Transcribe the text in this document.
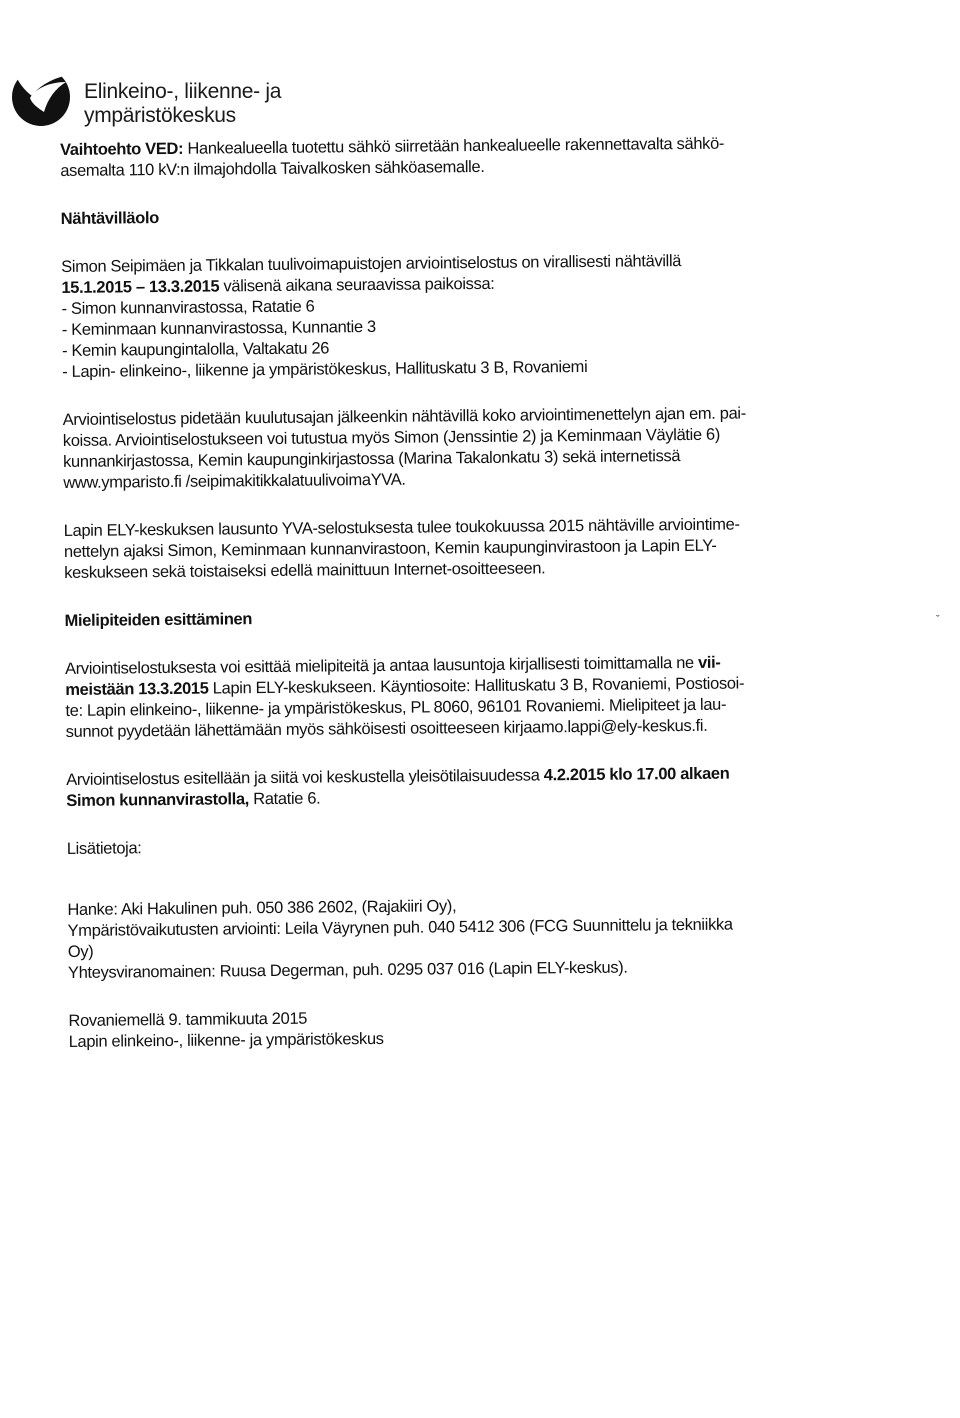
Elinkeino-, liikenne- ja
ympäristökeskus

Vaihtoehto VED: Hankealueella tuotettu sähkö siirretään hankealueelle rakennettavalta sähkö-
asemalta 110 kV:n ilmajohdolla Taivalkosken sähköasemalle.

Nähtävilläolo

Simon Seipimäen ja Tikkalan tuulivoimapuistojen arviointiselostus on virallisesti nähtävillä
15.1.2015 – 13.3.2015 välisenä aikana seuraavissa paikoissa:

- Simon kunnanvirastossa, Ratatie 6
- Keminmaan kunnanvirastossa, Kunnantie 3
- Kemin kaupungintalolla, Valtakatu 26
- Lapin- elinkeino-, liikenne ja ympäristökeskus, Hallituskatu 3 B, Rovaniemi

Arviointiselostus pidetään kuulutusajan jälkeenkin nähtävillä koko arviointimenettelyn ajan em. pai-
koissa. Arviointiselostukseen voi tutustua myös Simon (Jenssintie 2) ja Keminmaan Väylätie 6)
kunnankirjastossa, Kemin kaupunginkirjastossa (Marina Takalonkatu 3) sekä internetissä
www.ymparisto.fi /seipimakitikkalatuulivoimaYVA.

Lapin ELY-keskuksen lausunto YVA-selostuksesta tulee toukokuussa 2015 nähtäville arviointime-
nettelyn ajaksi Simon, Keminmaan kunnanvirastoon, Kemin kaupunginvirastoon ja Lapin ELY-
keskukseen sekä toistaiseksi edellä mainittuun Internet-osoitteeseen.

Mielipiteiden esittäminen

Arviointiselostuksesta voi esittää mielipiteitä ja antaa lausuntoja kirjallisesti toimittamalla ne vii-
meistään 13.3.2015 Lapin ELY-keskukseen. Käyntiosoite: Hallituskatu 3 B, Rovaniemi, Postiosoi-
te: Lapin elinkeino-, liikenne- ja ympäristökeskus, PL 8060, 96101 Rovaniemi. Mielipiteet ja lau-
sunnot pyydetään lähettämään myös sähköisesti osoitteeseen kirjaamo.lappi@ely-keskus.fi.

Arviointiselostus esitellään ja siitä voi keskustella yleisötilaisuudessa 4.2.2015 klo 17.00 alkaen
Simon kunnanvirastolla, Ratatie 6.

Lisätietoja:

Hanke: Aki Hakulinen puh. 050 386 2602, (Rajakiiri Oy),
Ympäristövaikutusten arviointi: Leila Väyrynen puh. 040 5412 306 (FCG Suunnittelu ja tekniikka
Oy)
Yhteysviranomainen: Ruusa Degerman, puh. 0295 037 016 (Lapin ELY-keskus).

Rovaniemellä 9. tammikuuta 2015
Lapin elinkeino-, liikenne- ja ympäristökeskus

ˇ
